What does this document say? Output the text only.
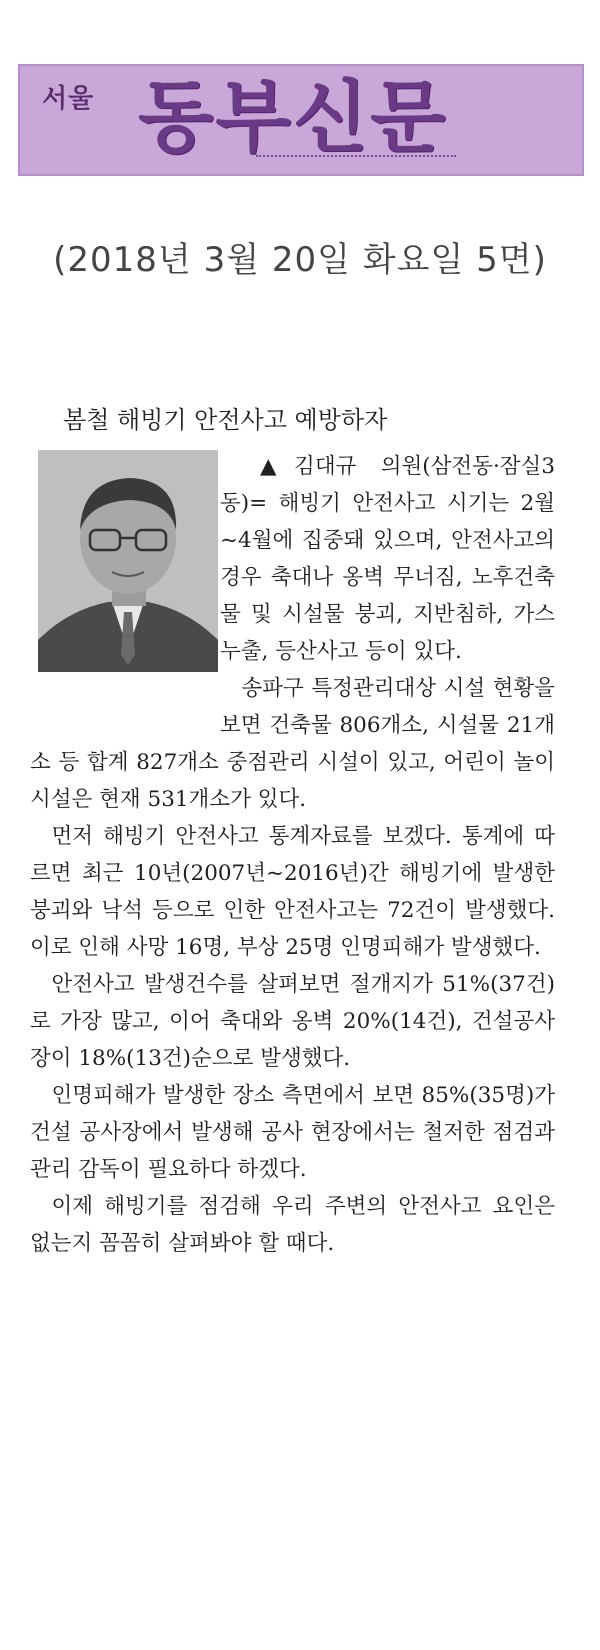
서울 동부신문
(2018년 3월 20일 화요일 5면)
봄철 해빙기 안전사고 예방하자

▲김대규 의원(삼전동·잠실3동)= 해빙기 안전사고 시기는 2월~4월에 집중돼 있으며, 안전사고의 경우 축대나 옹벽 무너짐, 노후건축물 및 시설물 붕괴, 지반침하, 가스누출, 등산사고 등이 있다.

송파구 특정관리대상 시설 현황을 보면 건축물 806개소, 시설물 21개소 등 합계 827개소 중점관리 시설이 있고, 어린이 놀이시설은 현재 531개소가 있다.

먼저 해빙기 안전사고 통계자료를 보겠다. 통계에 따르면 최근 10년(2007년~2016년)간 해빙기에 발생한 붕괴와 낙석 등으로 인한 안전사고는 72건이 발생했다. 이로 인해 사망 16명, 부상 25명 인명피해가 발생했다.

안전사고 발생건수를 살펴보면 절개지가 51%(37건)로 가장 많고, 이어 축대와 옹벽 20%(14건), 건설공사장이 18%(13건)순으로 발생했다.

인명피해가 발생한 장소 측면에서 보면 85%(35명)가 건설 공사장에서 발생해 공사 현장에서는 철저한 점검과 관리 감독이 필요하다 하겠다.

이제 해빙기를 점검해 우리 주변의 안전사고 요인은 없는지 꼼꼼히 살펴봐야 할 때다.
